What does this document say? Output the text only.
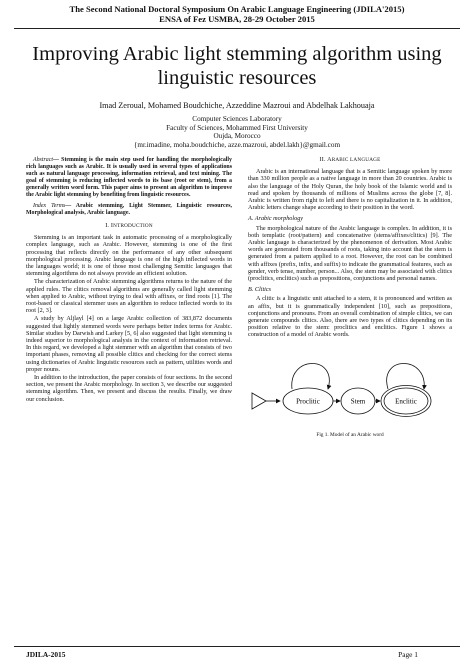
The Second National Doctoral Symposium On Arabic Language Engineering (JDILA'2015)
ENSA of Fez USMBA, 28-29 October 2015
Improving Arabic light stemming algorithm using linguistic resources
Imad Zeroual, Mohamed Boudchiche, Azzeddine Mazroui and Abdelhak Lakhouaja
Computer Sciences Laboratory
Faculty of Sciences, Mohammed First University
Oujda, Morocco
{mr.imadine, moha.boudchiche, azze.mazroui, abdel.lakh}@gmail.com

Abstract— Stemming is the main step used for handling the morphologically rich languages such as Arabic. It is usually used in several types of applications such as natural language processing, information retrieval, and text mining. The goal of stemming is reducing inflected words to its base (root or stem), from a generally written word form. This paper aims to present an algorithm to improve the Arabic light stemming by benefiting from linguistic resources.

Index Terms— Arabic stemming, Light Stemmer, Linguistic resources, Morphological analysis, Arabic language.

I. INTRODUCTION

Stemming is an important task in automatic processing of a morphologically complex language, such as Arabic. However, stemming is one of the first processing that reflects directly on the performance of any other subsequent morphological processing. Arabic language is one of the high inflected words in the languages world; it is one of those most challenging Semitic languages that stemming algorithms do not always provide an efficient solution.

The characterization of Arabic stemming algorithms returns to the nature of the applied rules. The clitics removal algorithms are generally called light stemming when applied to Arabic, without trying to deal with affixes, or find roots [1]. The root-based or classical stemmer uses an algorithm to reduce inflected words to its root [2, 3].

A study by Aljlayl [4] on a large Arabic collection of 383,872 documents suggested that lightly stemmed words were perhaps better index terms for Arabic. Similar studies by Darwish and Larkey [5, 6] also suggested that light stemming is indeed superior to morphological analysis in the context of information retrieval. In this regard, we developed a light stemmer with an algorithm that consists of two important phases, removing all possible clitics and checking for the correct stems using dictionaries of Arabic linguistic resources such as pattern, utilities words and proper nouns.

In addition to the introduction, the paper consists of four sections. In the second section, we present the Arabic morphology. In section 3, we describe our suggested stemming algorithm. Then, we present and discuss the results. Finally, we draw our conclusion.

II. ARABIC LANGUAGE

Arabic is an international language that is a Semitic language spoken by more than 330 million people as a native language in more than 20 countries. Arabic is also the language of the Holy Quran, the holy book of the Islamic world and is read and spoken by thousands of millions of Muslims across the globe [7, 8]. Arabic is written from right to left and there is no capitalization in it. In addition, Arabic letters change shape according to their position in the word.

A. Arabic morphology

The morphological nature of the Arabic language is complex. In addition, it is both templatic (root/pattern) and concatenative (stems/affixes/clitics) [9]. The Arabic language is characterized by the phenomenon of derivation. Most Arabic words are generated from thousands of roots, taking into account that the stem is generated from a pattern applied to a root. However, the root can be combined with affixes (prefix, infix, and suffix) to indicate the grammatical features, such as gender, verb tense, number, person... Also, the stem may be associated with clitics (proclitics, enclitics) such as prepositions, conjunctions and personal names.

B. Clitics

A clitic is a linguistic unit attached to a stem, it is pronounced and written as an affix, but it is grammatically independent [10], such as prepositions, conjunctions and pronouns. From an overall combination of simple clitics, we can generate compounds clitics. Also, there are two types of clitics depending on its position relative to the stem: proclitics and enclitics. Figure 1 shows a construction of a model of Arabic words.

Proclitic	Stem	Enclitic
Fig 1. Model of an Arabic word
JDILA-2015	Page 1
